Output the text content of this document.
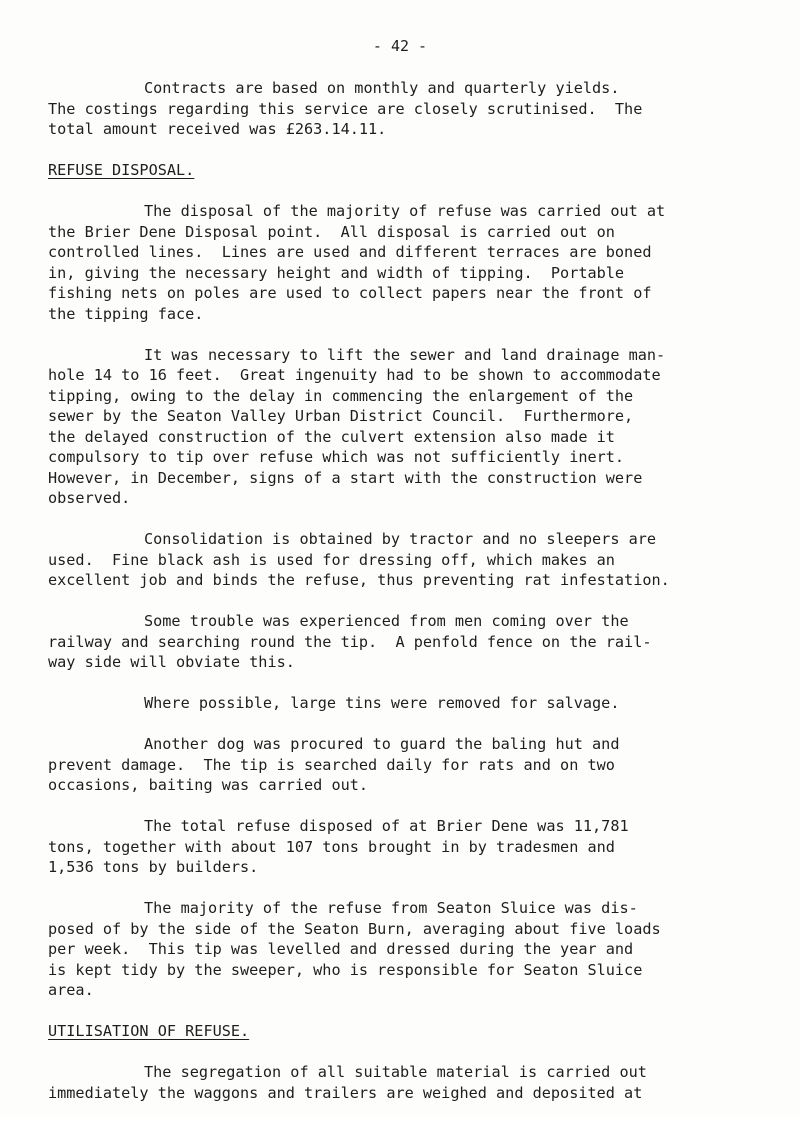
- 42 -
Contracts are based on monthly and quarterly yields.
The costings regarding this service are closely scrutinised.  The
total amount received was £263.14.11.
REFUSE DISPOSAL.
The disposal of the majority of refuse was carried out at
the Brier Dene Disposal point.  All disposal is carried out on
controlled lines.  Lines are used and different terraces are boned
in, giving the necessary height and width of tipping.  Portable
fishing nets on poles are used to collect papers near the front of
the tipping face.
It was necessary to lift the sewer and land drainage man-
hole 14 to 16 feet.  Great ingenuity had to be shown to accommodate
tipping, owing to the delay in commencing the enlargement of the
sewer by the Seaton Valley Urban District Council.  Furthermore,
the delayed construction of the culvert extension also made it
compulsory to tip over refuse which was not sufficiently inert.
However, in December, signs of a start with the construction were
observed.
Consolidation is obtained by tractor and no sleepers are
used.  Fine black ash is used for dressing off, which makes an
excellent job and binds the refuse, thus preventing rat infestation.
Some trouble was experienced from men coming over the
railway and searching round the tip.  A penfold fence on the rail-
way side will obviate this.
Where possible, large tins were removed for salvage.
Another dog was procured to guard the baling hut and
prevent damage.  The tip is searched daily for rats and on two
occasions, baiting was carried out.
The total refuse disposed of at Brier Dene was 11,781
tons, together with about 107 tons brought in by tradesmen and
1,536 tons by builders.
The majority of the refuse from Seaton Sluice was dis-
posed of by the side of the Seaton Burn, averaging about five loads
per week.  This tip was levelled and dressed during the year and
is kept tidy by the sweeper, who is responsible for Seaton Sluice
area.
UTILISATION OF REFUSE.
The segregation of all suitable material is carried out
immediately the waggons and trailers are weighed and deposited at
